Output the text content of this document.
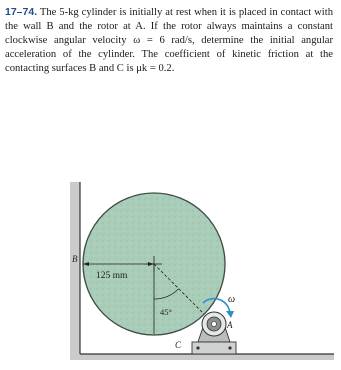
17–74. The 5-kg cylinder is initially at rest when it is placed in contact with the wall B and the rotor at A. If the rotor always maintains a constant clockwise angular velocity ω = 6 rad/s, determine the initial angular acceleration of the cylinder. The coefficient of kinetic friction at the contacting surfaces B and C is μk = 0.2.

B
125 mm
45°
ω
A
C
